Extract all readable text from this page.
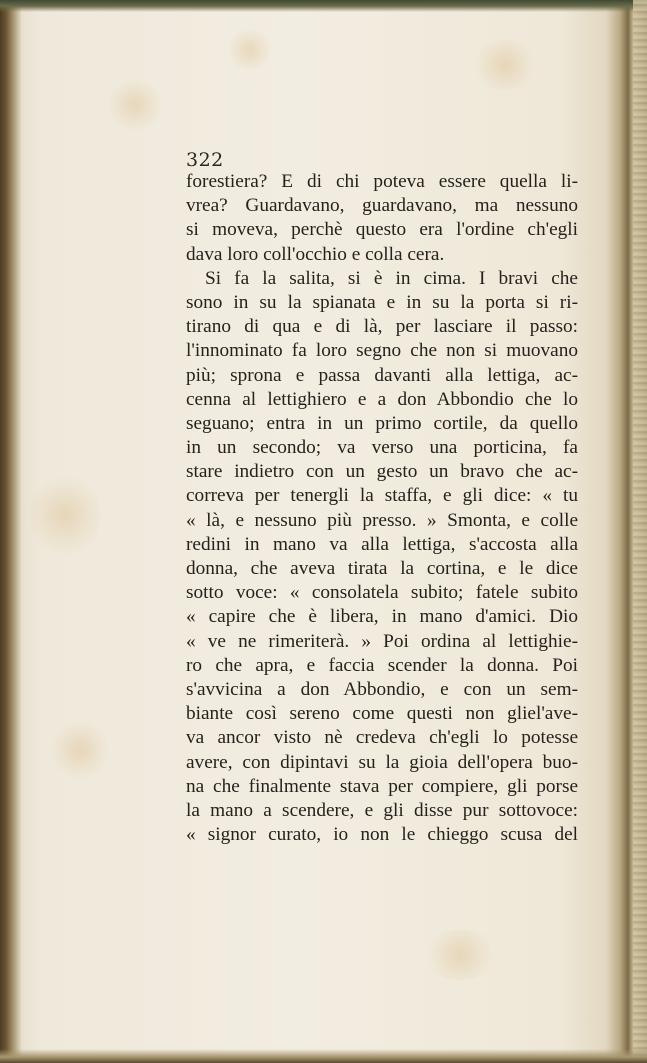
322
forestiera? E di chi poteva essere quella li-
vrea? Guardavano, guardavano, ma nessuno
si moveva, perchè questo era l'ordine ch'egli
dava loro coll'occhio e colla cera.
Si fa la salita, si è in cima. I bravi che
sono in su la spianata e in su la porta si ri-
tirano di qua e di là, per lasciare il passo:
l'innominato fa loro segno che non si muovano
più; sprona e passa davanti alla lettiga, ac-
cenna al lettighiero e a don Abbondio che lo
seguano; entra in un primo cortile, da quello
in un secondo; va verso una porticina, fa
stare indietro con un gesto un bravo che ac-
correva per tenergli la staffa, e gli dice: « tu
« là, e nessuno più presso. » Smonta, e colle
redini in mano va alla lettiga, s'accosta alla
donna, che aveva tirata la cortina, e le dice
sotto voce: « consolatela subito; fatele subito
« capire che è libera, in mano d'amici. Dio
« ve ne rimeriterà. » Poi ordina al lettighie-
ro che apra, e faccia scender la donna. Poi
s'avvicina a don Abbondio, e con un sem-
biante così sereno come questi non gliel'ave-
va ancor visto nè credeva ch'egli lo potesse
avere, con dipintavi su la gioia dell'opera buo-
na che finalmente stava per compiere, gli porse
la mano a scendere, e gli disse pur sottovoce:
« signor curato, io non le chieggo scusa del
